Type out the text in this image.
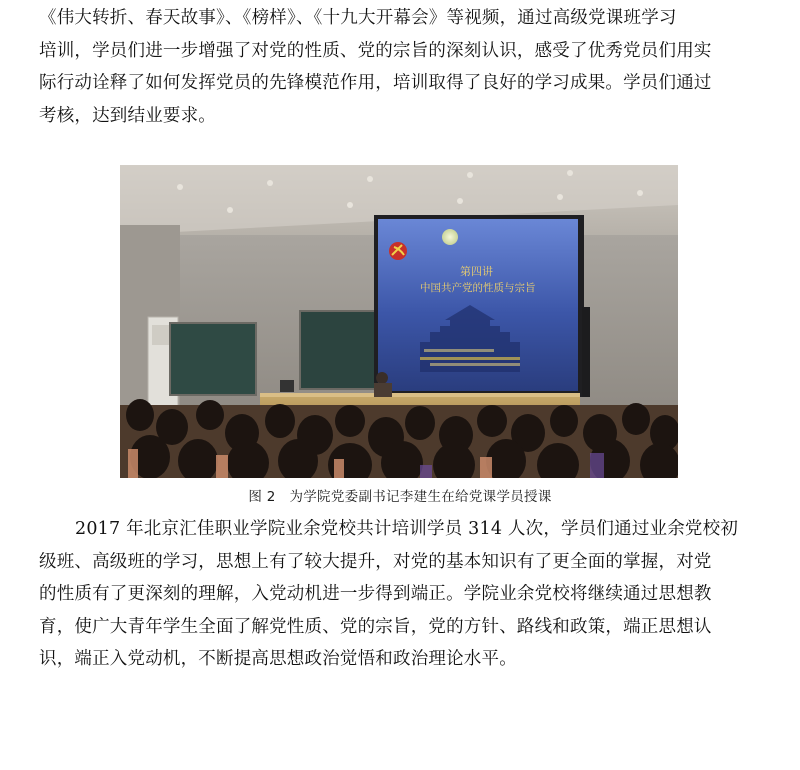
《伟大转折、春天故事》、《榜样》、《十九大开幕会》等视频，通过高级党课班学习
培训，学员们进一步增强了对党的性质、党的宗旨的深刻认识，感受了优秀党员们用实
际行动诠释了如何发挥党员的先锋模范作用，培训取得了良好的学习成果。学员们通过
考核，达到结业要求。

第四讲
中国共产党的性质与宗旨
图 2　为学院党委副书记李建生在给党课学员授课

2017 年北京汇佳职业学院业余党校共计培训学员 314 人次，学员们通过业余党校初
级班、高级班的学习，思想上有了较大提升，对党的基本知识有了更全面的掌握，对党
的性质有了更深刻的理解，入党动机进一步得到端正。学院业余党校将继续通过思想教
育，使广大青年学生全面了解党性质、党的宗旨，党的方针、路线和政策，端正思想认
识，端正入党动机，不断提高思想政治觉悟和政治理论水平。
